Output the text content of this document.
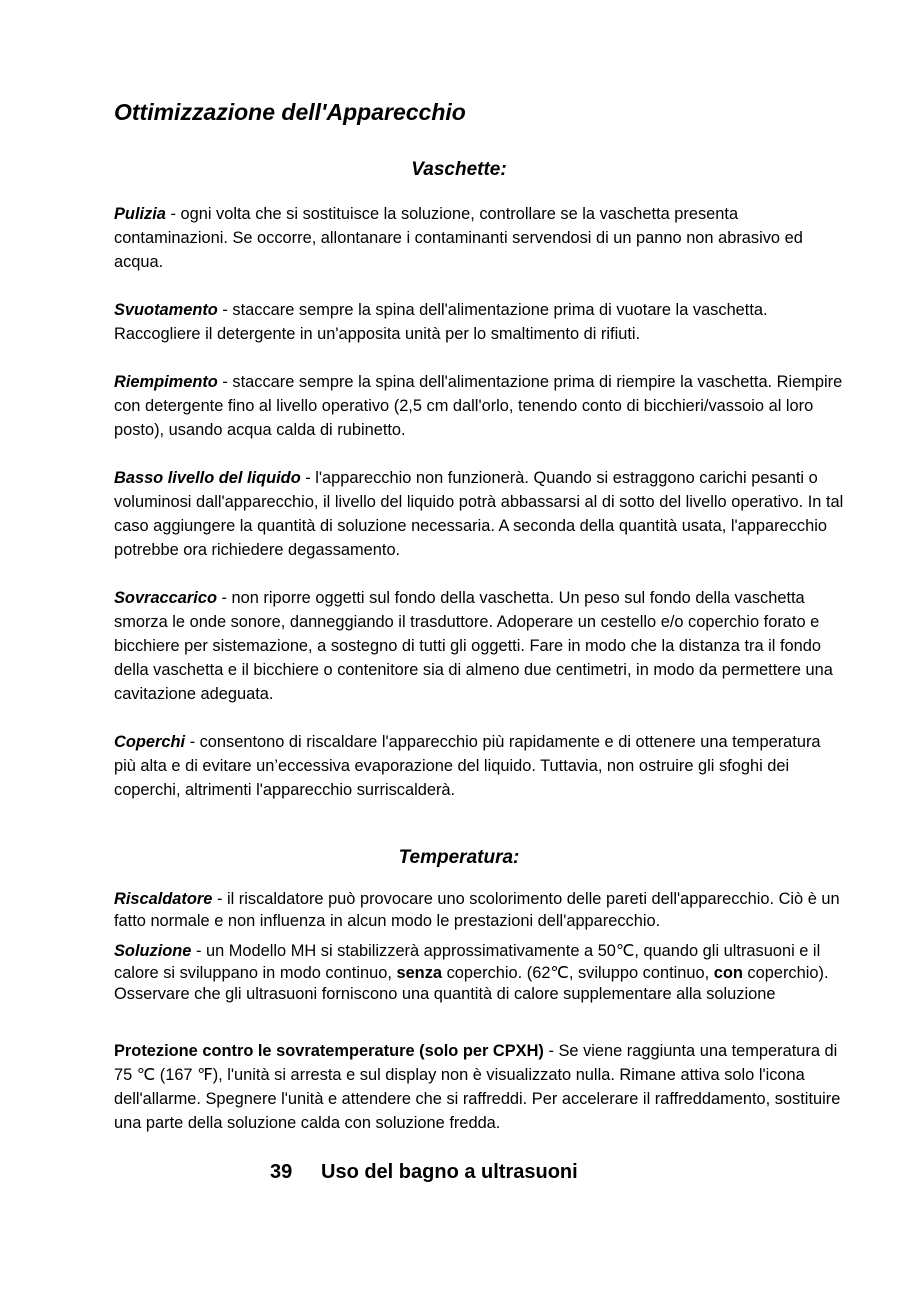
Ottimizzazione dell'Apparecchio
Vaschette:

Pulizia - ogni volta che si sostituisce la soluzione, controllare se la vaschetta presenta contaminazioni. Se occorre, allontanare i contaminanti servendosi di un panno non abrasivo ed acqua.

Svuotamento - staccare sempre la spina dell'alimentazione prima di vuotare la vaschetta. Raccogliere il detergente in un'apposita unità per lo smaltimento di rifiuti.

Riempimento - staccare sempre la spina dell'alimentazione prima di riempire la vaschetta. Riempire con detergente fino al livello operativo (2,5 cm dall'orlo, tenendo conto di bicchieri/vassoio al loro posto), usando acqua calda di rubinetto.

Basso livello del liquido - l'apparecchio non funzionerà. Quando si estraggono carichi pesanti o voluminosi dall'apparecchio, il livello del liquido potrà abbassarsi al di sotto del livello operativo. In tal caso aggiungere la quantità di soluzione necessaria. A seconda della quantità usata, l'apparecchio potrebbe ora richiedere degassamento.

Sovraccarico - non riporre oggetti sul fondo della vaschetta. Un peso sul fondo della vaschetta smorza le onde sonore, danneggiando il trasduttore. Adoperare un cestello e/o coperchio forato e bicchiere per sistemazione, a sostegno di tutti gli oggetti. Fare in modo che la distanza tra il fondo della vaschetta e il bicchiere o contenitore sia di almeno due centimetri, in modo da permettere una cavitazione adeguata.

Coperchi - consentono di riscaldare l'apparecchio più rapidamente e di ottenere una temperatura più alta e di evitare un’eccessiva evaporazione del liquido. Tuttavia, non ostruire gli sfoghi dei coperchi, altrimenti l'apparecchio surriscalderà.

Temperatura:

Riscaldatore - il riscaldatore può provocare uno scolorimento delle pareti dell'apparecchio. Ciò è un fatto normale e non influenza in alcun modo le prestazioni dell'apparecchio.

Soluzione - un Modello MH si stabilizzerà approssimativamente a 50℃, quando gli ultrasuoni e il calore si sviluppano in modo continuo, senza coperchio. (62℃, sviluppo continuo, con coperchio). Osservare che gli ultrasuoni forniscono una quantità di calore supplementare alla soluzione

Protezione contro le sovratemperature (solo per CPXH) - Se viene raggiunta una temperatura di 75 ℃ (167 ℉), l'unità si arresta e sul display non è visualizzato nulla. Rimane attiva solo l'icona dell'allarme. Spegnere l'unità e attendere che si raffreddi. Per accelerare il raffreddamento, sostituire una parte della soluzione calda con soluzione fredda.

39 Uso del bagno a ultrasuoni
